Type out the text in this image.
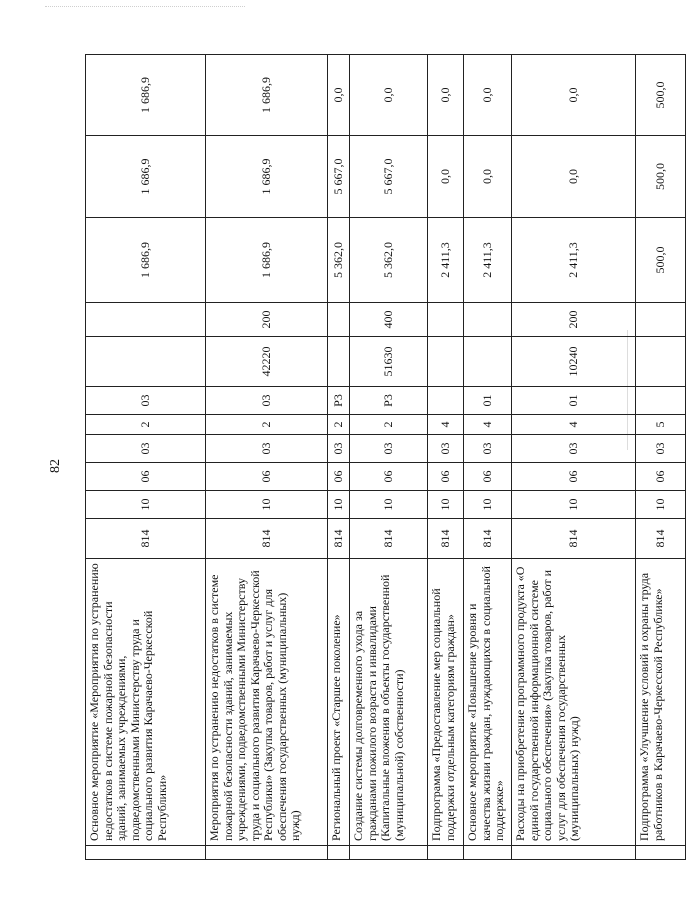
82
	Основное мероприятие «Мероприятия по устранению недостатков в системе пожарной безопасности зданий, занимаемых учреждениями, подведомственными Министерству труда и социального развития Карачаево-Черкесской Республики»	814	10	06	03	2	03			1 686,9	1 686,9	1 686,9
	Мероприятия по устранению недостатков в системе пожарной безопасности зданий, занимаемых учреждениями, подведомственными Министерству труда и социального развития Карачаево-Черкесской Республики» (Закупка товаров, работ и услуг для обеспечения государственных (муниципальных) нужд)	814	10	06	03	2	03	42220	200	1 686,9	1 686,9	1 686,9
	Региональный проект «Старшее поколение»	814	10	06	03	2	Р3			5 362,0	5 667,0	0,0
	Создание системы долговременного ухода за гражданами пожилого возраста и инвалидами (Капитальные вложения в объекты государственной (муниципальной) собственности)	814	10	06	03	2	Р3	51630	400	5 362,0	5 667,0	0,0
	Подпрограмма «Предоставление мер социальной поддержки отдельным категориям граждан»	814	10	06	03	4				2 411,3	0,0	0,0
	Основное мероприятие «Повышение уровня и качества жизни граждан, нуждающихся в социальной поддержке»	814	10	06	03	4	01			2 411,3	0,0	0,0
	Расходы на приобретение программного продукта «О единой государственной информационной системе социального обеспечения» (Закупка товаров, работ и услуг для обеспечения государственных (муниципальных) нужд)	814	10	06	03	4	01	10240	200	2 411,3	0,0	0,0
	Подпрограмма «Улучшение условий и охраны труда работников в Карачаево-Черкесской Республике»	814	10	06	03	5				500,0	500,0	500,0
